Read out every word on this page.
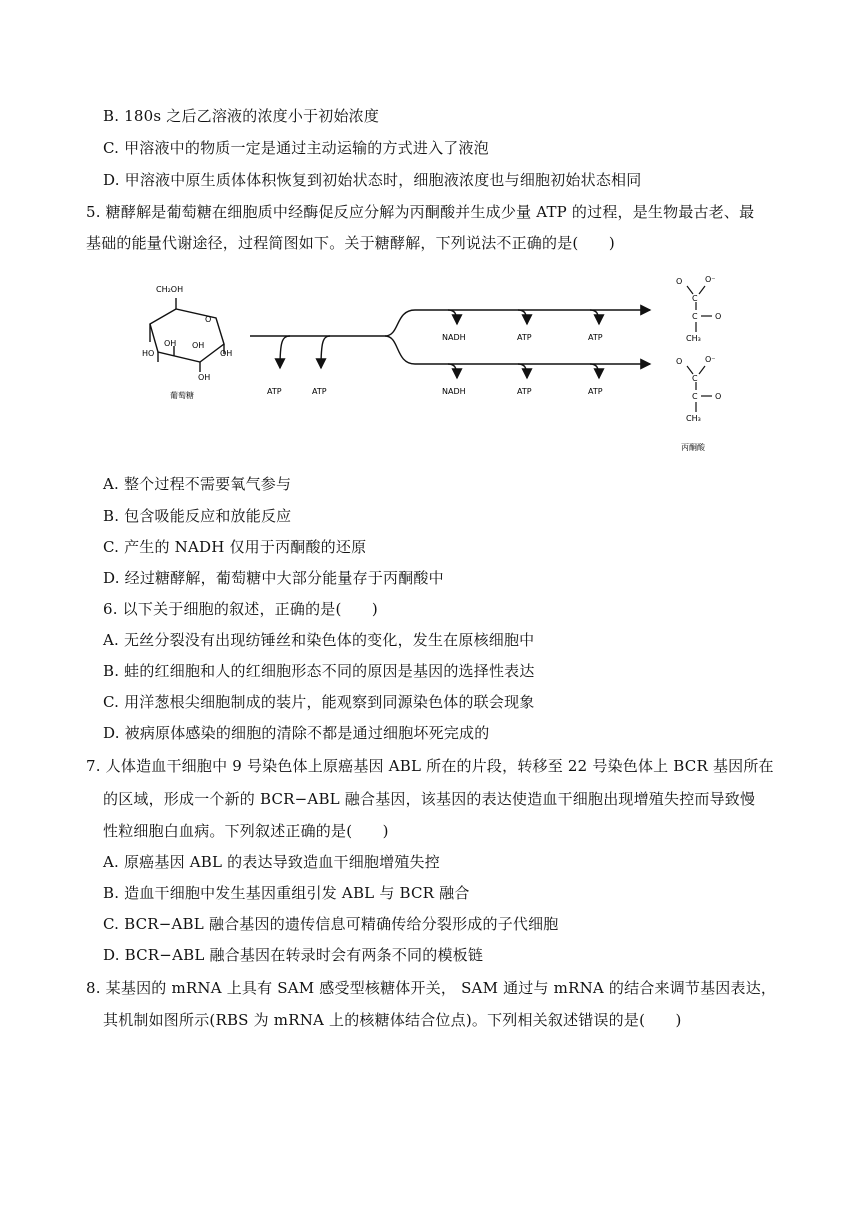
B. 180s 之后乙溶液的浓度小于初始浓度
C. 甲溶液中的物质一定是通过主动运输的方式进入了液泡
D. 甲溶液中原生质体体积恢复到初始状态时，细胞液浓度也与细胞初始状态相同
5. 糖酵解是葡萄糖在细胞质中经酶促反应分解为丙酮酸并生成少量 ATP 的过程，是生物最古老、最
基础的能量代谢途径，过程简图如下。关于糖酵解，下列说法不正确的是(　　)
CH₂OH
O
OH
HO
OH
OH
OH
葡萄糖	ATP	ATP
NADH	ATP	ATP
NADH	ATP	ATP
O	O⁻
C
C O
CH₃
O	O⁻
C
C O
CH₃
丙酮酸
A. 整个过程不需要氧气参与
B. 包含吸能反应和放能反应
C. 产生的 NADH 仅用于丙酮酸的还原
D. 经过糖酵解，葡萄糖中大部分能量存于丙酮酸中
6. 以下关于细胞的叙述，正确的是(　　)
A. 无丝分裂没有出现纺锤丝和染色体的变化，发生在原核细胞中
B. 蛙的红细胞和人的红细胞形态不同的原因是基因的选择性表达
C. 用洋葱根尖细胞制成的装片，能观察到同源染色体的联会现象
D. 被病原体感染的细胞的清除不都是通过细胞坏死完成的
7. 人体造血干细胞中 9 号染色体上原癌基因 ABL 所在的片段，转移至 22 号染色体上 BCR 基因所在
的区域，形成一个新的 BCR−ABL 融合基因，该基因的表达使造血干细胞出现增殖失控而导致慢
性粒细胞白血病。下列叙述正确的是(　　)
A. 原癌基因 ABL 的表达导致造血干细胞增殖失控
B. 造血干细胞中发生基因重组引发 ABL 与 BCR 融合
C. BCR−ABL 融合基因的遗传信息可精确传给分裂形成的子代细胞
D. BCR−ABL 融合基因在转录时会有两条不同的模板链
8. 某基因的 mRNA 上具有 SAM 感受型核糖体开关， SAM 通过与 mRNA 的结合来调节基因表达，
其机制如图所示(RBS 为 mRNA 上的核糖体结合位点)。下列相关叙述错误的是(　　)
